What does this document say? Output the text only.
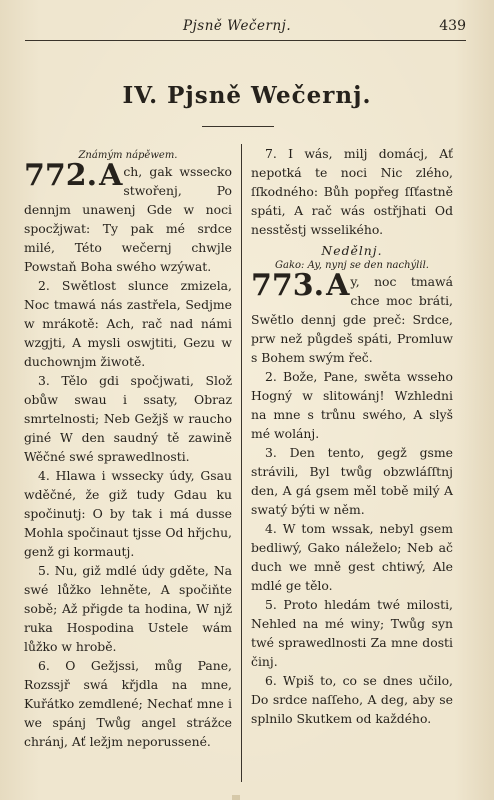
Pjsně Wečernj.	439
IV. Pjsně Wečernj.
Známým nápěwem.

772. A ch, gak wssecko stwořenj, Po dennjm unawenj Gde w noci spocžjwat: Ty pak mé srdce milé, Této wečernj chwjle Powstaň Boha swého wzýwat.

2. Swětlost slunce zmizela, Noc tmawá nás zastřela, Sedjme w mrákotě: Ach, rač nad námi wzgjti, A mysli oswjtiti, Gezu w duchownjm žiwotě.

3. Tělo gdi spočjwati, Slož obůw swau i ssaty, Obraz smrtelnosti; Neb Gežjš w raucho giné W den saudný tě zawině Wěčné swé sprawedlnosti.

4. Hlawa i wssecky údy, Gsau wděčné, že giž tudy Gdau ku spočinutj: O by tak i má dusse Mohla spočinaut tjsse Od hřjchu, genž gi kormautj.

5. Nu, giž mdlé údy gděte, Na swé lůžko lehněte, A spočiňte sobě; Až přigde ta hodina, W njž ruka Hospodina Ustele wám lůžko w hrobě.

6. O Gežjssi, můg Pane, Rozssjř swá křjdla na mne, Kuřátko zemdlené; Nechať mne i we spánj Twůg angel strážce chránj, Ať ležjm neporussené.

7. I wás, milj domácj, Ať nepotká te noci Nic zlého, ſſkodného: Bůh popřeg ſſťastně spáti, A rač wás ostřjhati Od nesstěstj wsselikého.

Nedělnj.
Gako: Ay, nynj se den nachýlil.

773. A y, noc tmawá chce moc bráti, Swětlo dennj gde preč: Srdce, prw než půgdeš spáti, Promluw s Bohem swým řeč.

2. Bože, Pane, swěta wsseho Hogný w slitowánj! Wzhledni na mne s trůnu swého, A slyš mé wolánj.

3. Den tento, gegž gsme strávili, Byl twůg obzwláſſtnj den, A gá gsem měl tobě milý A swatý býti w něm.

4. W tom wssak, nebyl gsem bedliwý, Gako náleželo; Neb ač duch we mně gest chtiwý, Ale mdlé ge tělo.

5. Proto hledám twé milosti, Nehled na mé winy; Twůg syn twé sprawedlnosti Za mne dosti činj.

6. Wpiš to, co se dnes učilo, Do srdce naſſeho, A deg, aby se splnilo Skutkem od každého.
